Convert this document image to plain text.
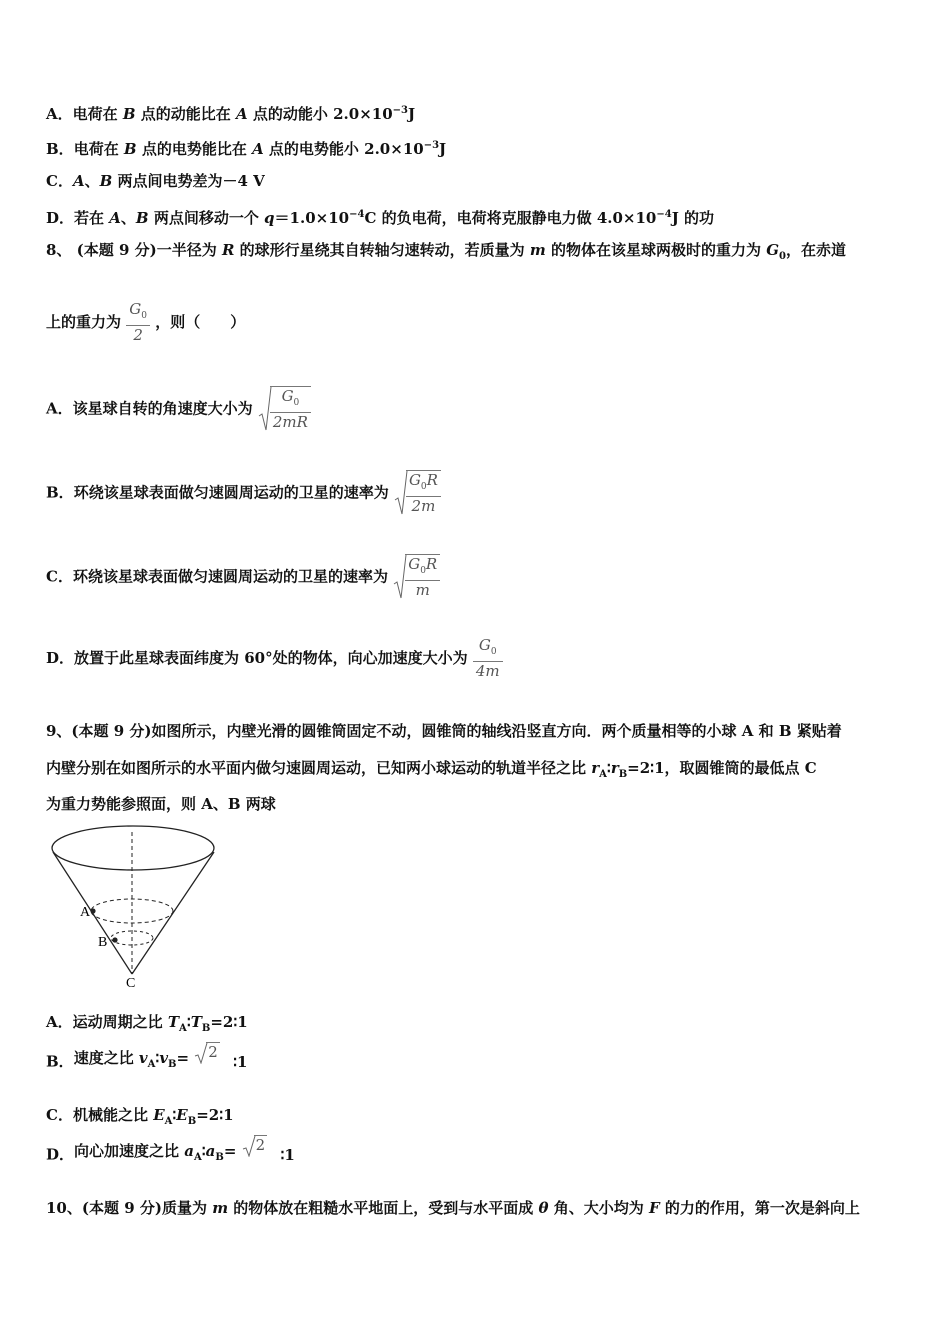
A．电荷在 B 点的动能比在 A 点的动能小 $2.0\times 10^{-3}J$
B．电荷在 B 点的电势能比在 A 点的电势能小 $2.0\times 10^{-3}J$
C．A、B 两点间电势差为－4 V
D．若在 A、B 两点间移动一个 $q=1.0\times 10^{-4}C$ 的负电荷，电荷将克服静电力做 $4.0\times 10^{-4}J$ 的功
8、 (本题 9 分)一半径为 R 的球形行星绕其自转轴匀速转动，若质量为 m 的物体在该星球两极时的重力为 $G_0$，在赤道
上的重力为 $\frac{G_0}{2}$ ，则（　　）
A．该星球自转的角速度大小为 $\frac{G_0}{2mR}$
B．环绕该星球表面做匀速圆周运动的卫星的速率为 $\frac{G_0R}{2m}$
C．环绕该星球表面做匀速圆周运动的卫星的速率为 $\frac{G_0R}{m}$
D．放置于此星球表面纬度为 60°处的物体，向心加速度大小为 $\frac{G_0}{4m}$
9、(本题 9 分)如图所示，内壁光滑的圆锥筒固定不动，圆锥筒的轴线沿竖直方向．两个质量相等的小球 A 和 B 紧贴着
内壁分别在如图所示的水平面内做匀速圆周运动，已知两小球运动的轨道半径之比 $r_A∶r_B=2∶1$，取圆锥筒的最低点 C
为重力势能参照面，则 A、B 两球
A
B
C
A．运动周期之比 $T_A∶T_B=2∶1$
B．速度之比 $v_A∶v_B= 2$ ∶1
C．机械能之比 $E_A∶E_B=2∶1$
D．向心加速度之比 $a_A∶a_B= 2$ ∶1
10、(本题 9 分)质量为 m 的物体放在粗糙水平地面上，受到与水平面成 θ 角、大小均为 F 的力的作用，第一次是斜向上
